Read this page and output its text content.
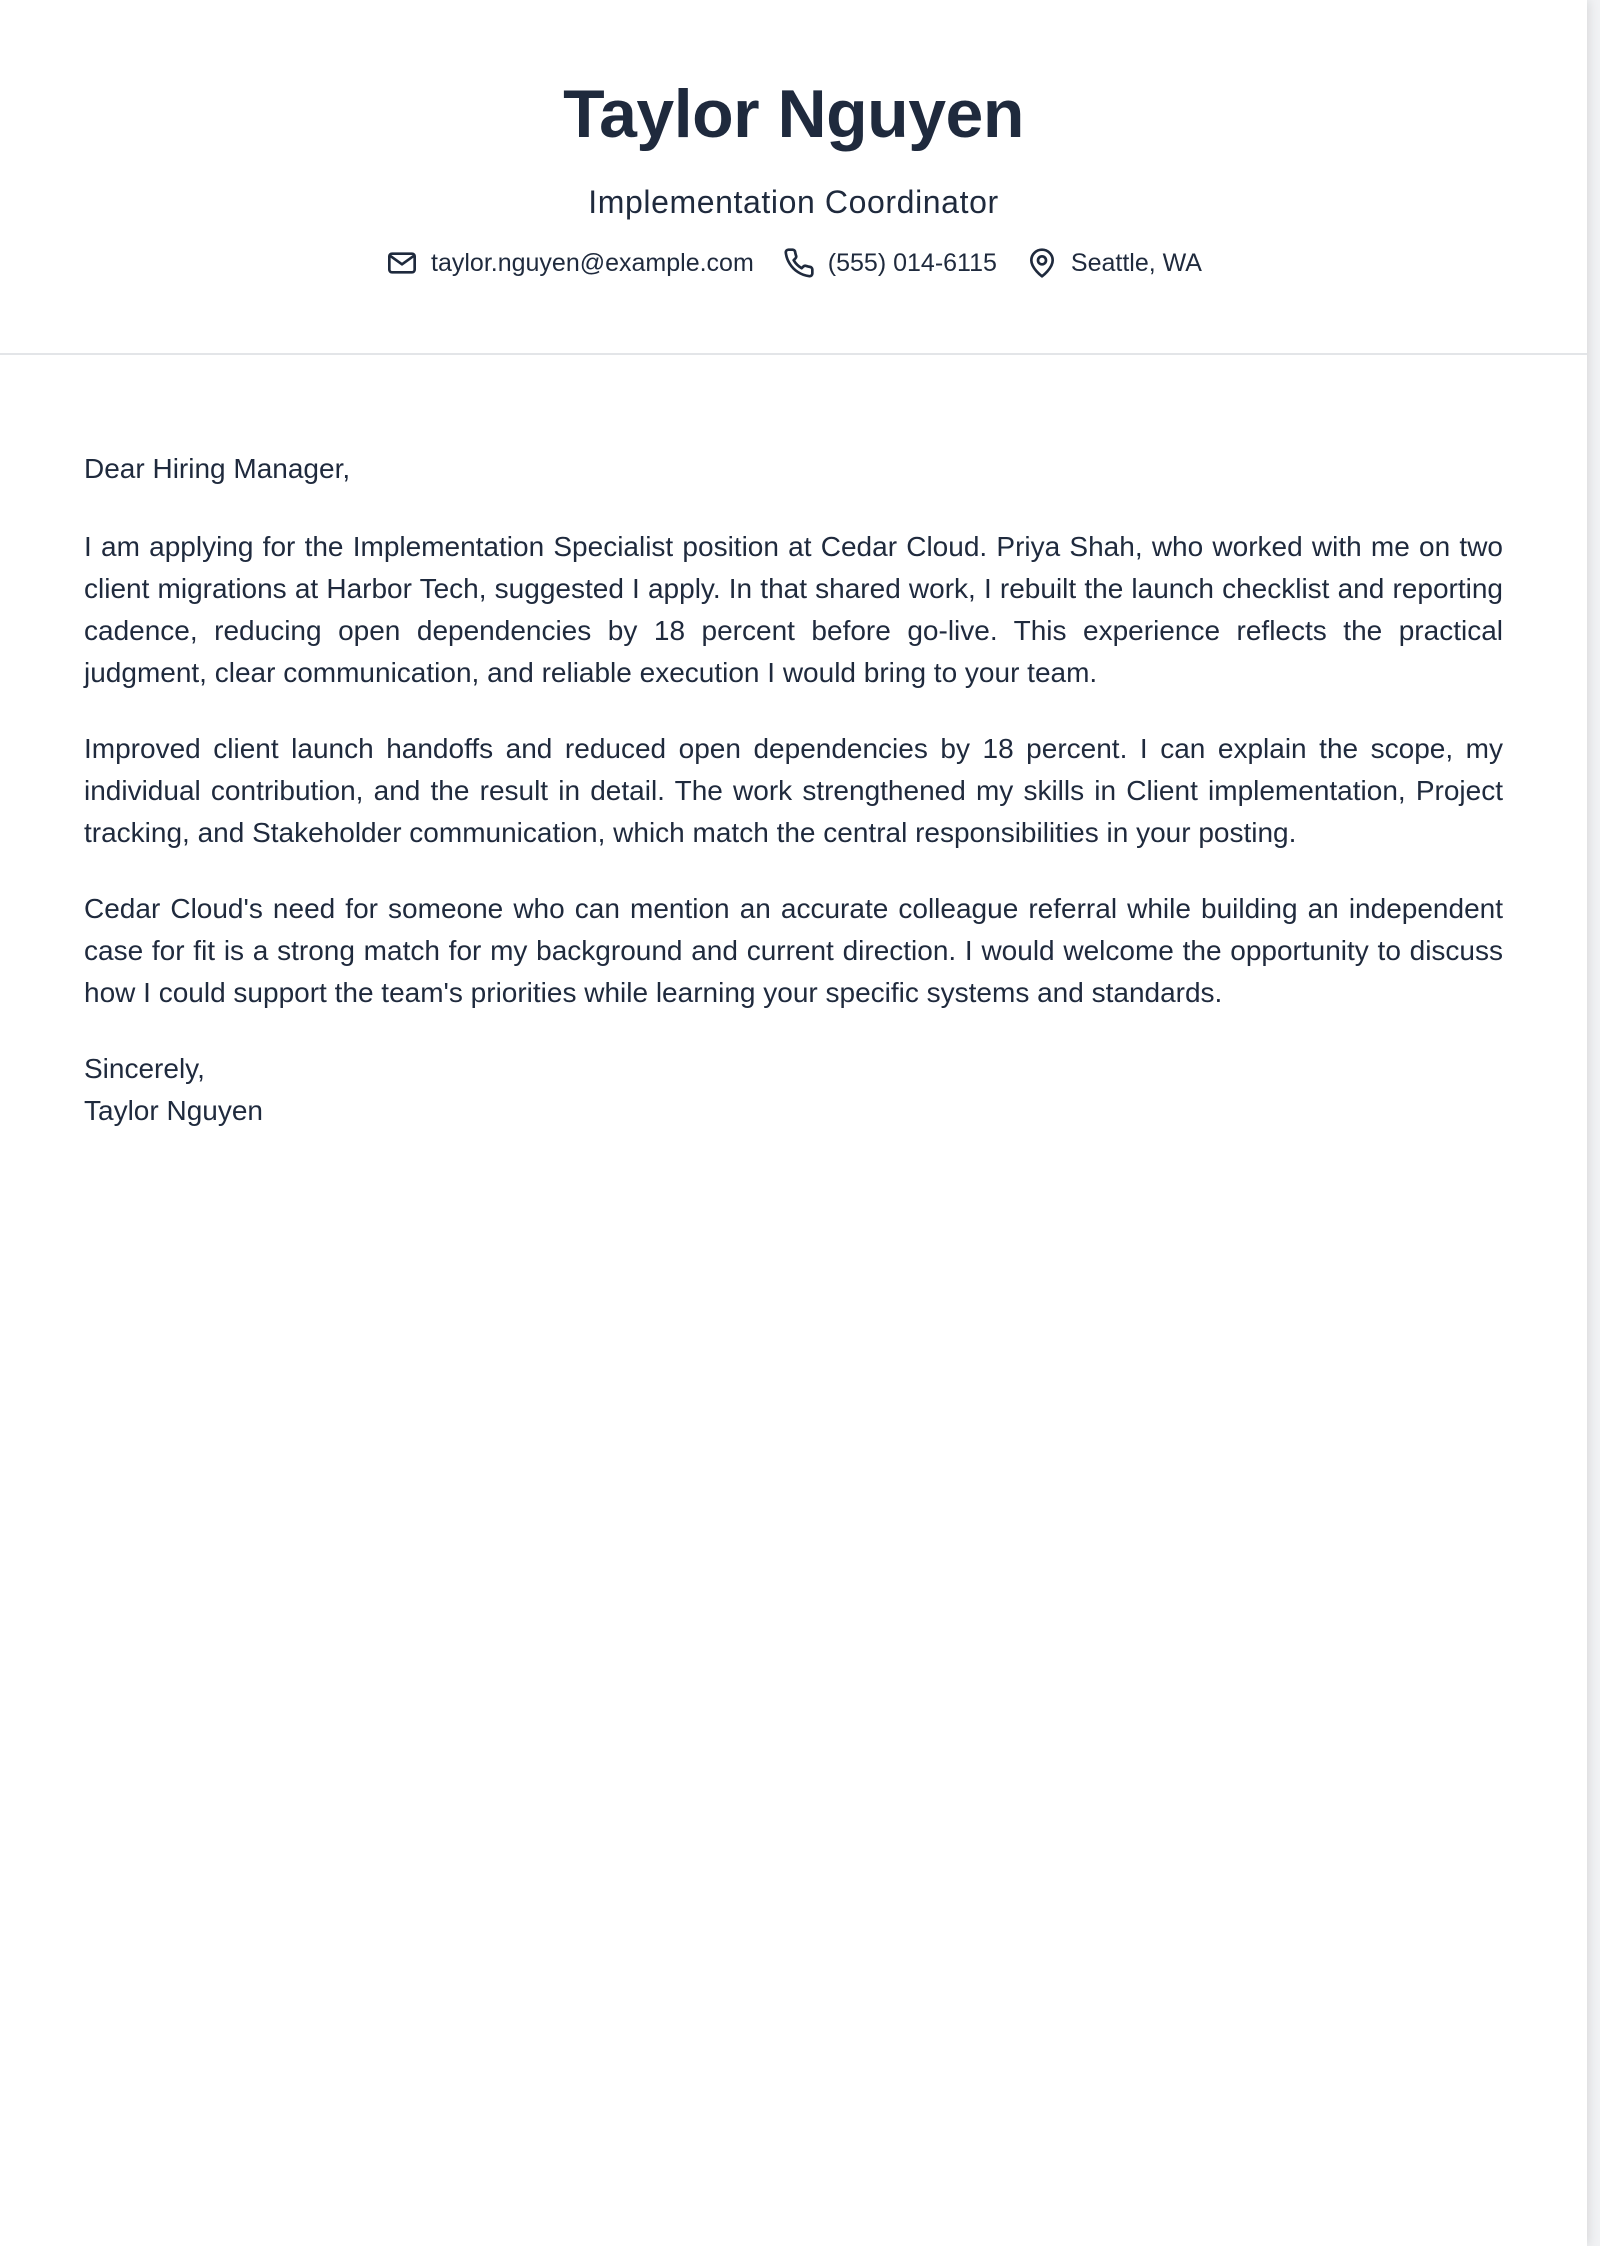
Taylor Nguyen

Implementation Coordinator

taylor.nguyen@example.com	(555) 014-6115	Seattle, WA

Dear Hiring Manager,

I am applying for the Implementation Specialist position at Cedar Cloud. Priya Shah, who worked with me on two client migrations at Harbor Tech, suggested I apply. In that shared work, I rebuilt the launch checklist and reporting cadence, reducing open dependencies by 18 percent before go-live. This experience reflects the practical judgment, clear communication, and reliable execution I would bring to your team.

Improved client launch handoffs and reduced open dependencies by 18 percent. I can explain the scope, my individual contribution, and the result in detail. The work strengthened my skills in Client implementation, Project tracking, and Stakeholder communication, which match the central responsibilities in your posting.

Cedar Cloud's need for someone who can mention an accurate colleague referral while building an independent case for fit is a strong match for my background and current direction. I would welcome the opportunity to discuss how I could support the team's priorities while learning your specific systems and standards.

Sincerely,

Taylor Nguyen
